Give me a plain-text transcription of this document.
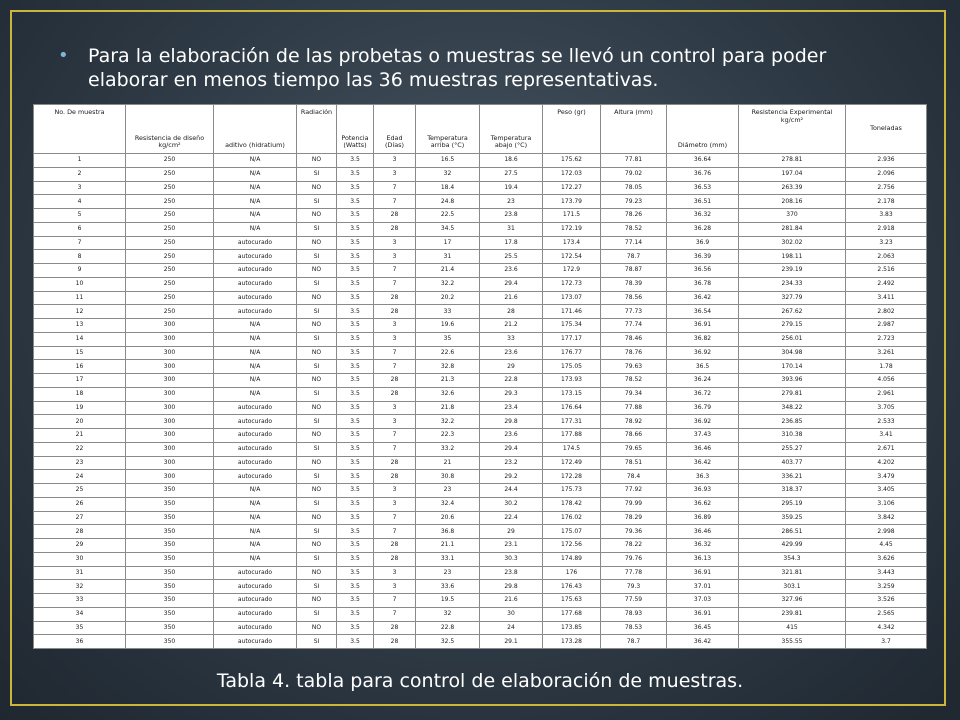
• Para la elaboración de las probetas o muestras se llevó un control para poder elaborar en menos tiempo las 36 muestras representativas.
No. De muestra	Resistencia de diseño kg/cm²	aditivo (hidratium)	Radiación	Potencia (Watts)	Edad (Días)	Temperatura arriba (°C)	Temperatura abajo (°C)	Peso (gr)	Altura (mm)	Diámetro (mm)	Resistencia Experimental kg/cm²	Toneladas
1	250	N/A	NO	3.5	3	16.5	18.6	175.62	77.81	36.64	278.81	2.936
2	250	N/A	SI	3.5	3	32	27.5	172.03	79.02	36.76	197.04	2.096
3	250	N/A	NO	3.5	7	18.4	19.4	172.27	78.05	36.53	263.39	2.756
4	250	N/A	SI	3.5	7	24.8	23	173.79	79.23	36.51	208.16	2.178
5	250	N/A	NO	3.5	28	22.5	23.8	171.5	78.26	36.32	370	3.83
6	250	N/A	SI	3.5	28	34.5	31	172.19	78.52	36.28	281.84	2.918
7	250	autocurado	NO	3.5	3	17	17.8	173.4	77.14	36.9	302.02	3.23
8	250	autocurado	SI	3.5	3	31	25.5	172.54	78.7	36.39	198.11	2.063
9	250	autocurado	NO	3.5	7	21.4	23.6	172.9	78.87	36.56	239.19	2.516
10	250	autocurado	SI	3.5	7	32.2	29.4	172.73	78.39	36.78	234.33	2.492
11	250	autocurado	NO	3.5	28	20.2	21.6	173.07	78.56	36.42	327.79	3.411
12	250	autocurado	SI	3.5	28	33	28	171.46	77.73	36.54	267.62	2.802
13	300	N/A	NO	3.5	3	19.6	21.2	175.34	77.74	36.91	279.15	2.987
14	300	N/A	SI	3.5	3	35	33	177.17	78.46	36.82	256.01	2.723
15	300	N/A	NO	3.5	7	22.6	23.6	176.77	78.76	36.92	304.98	3.261
16	300	N/A	SI	3.5	7	32.8	29	175.05	79.63	36.5	170.14	1.78
17	300	N/A	NO	3.5	28	21.3	22.8	173.93	78.52	36.24	393.96	4.056
18	300	N/A	SI	3.5	28	32.6	29.3	173.15	79.34	36.72	279.81	2.961
19	300	autocurado	NO	3.5	3	21.8	23.4	176.64	77.88	36.79	348.22	3.705
20	300	autocurado	SI	3.5	3	32.2	29.8	177.31	78.92	36.92	236.85	2.533
21	300	autocurado	NO	3.5	7	22.3	23.6	177.88	78.66	37.43	310.38	3.41
22	300	autocurado	SI	3.5	7	33.2	29.4	174.5	79.65	36.46	255.27	2.671
23	300	autocurado	NO	3.5	28	21	23.2	172.49	78.51	36.42	403.77	4.202
24	300	autocurado	SI	3.5	28	30.8	29.2	172.28	78.4	36.3	336.21	3.479
25	350	N/A	NO	3.5	3	23	24.4	175.73	77.92	36.93	318.37	3.405
26	350	N/A	SI	3.5	3	32.4	30.2	178.42	79.99	36.62	295.19	3.106
27	350	N/A	NO	3.5	7	20.6	22.4	176.02	78.29	36.89	359.25	3.842
28	350	N/A	SI	3.5	7	36.8	29	175.07	79.36	36.46	286.51	2.998
29	350	N/A	NO	3.5	28	21.1	23.1	172.56	78.22	36.32	429.99	4.45
30	350	N/A	SI	3.5	28	33.1	30.3	174.89	79.76	36.13	354.3	3.626
31	350	autocurado	NO	3.5	3	23	23.8	176	77.78	36.91	321.81	3.443
32	350	autocurado	SI	3.5	3	33.6	29.8	176.43	79.3	37.01	303.1	3.259
33	350	autocurado	NO	3.5	7	19.5	21.6	175.63	77.59	37.03	327.96	3.526
34	350	autocurado	SI	3.5	7	32	30	177.68	78.93	36.91	239.81	2.565
35	350	autocurado	NO	3.5	28	22.8	24	173.85	78.53	36.45	415	4.342
36	350	autocurado	SI	3.5	28	32.5	29.1	173.28	78.7	36.42	355.55	3.7
Tabla 4. tabla para control de elaboración de muestras.
